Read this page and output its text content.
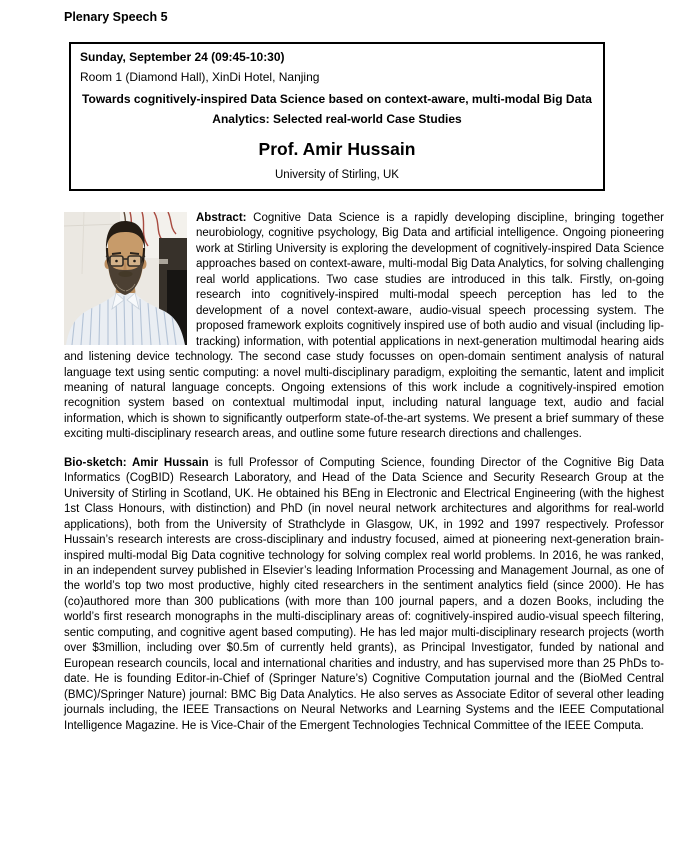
Plenary Speech 5

Sunday, September 24 (09:45-10:30)

Room 1 (Diamond Hall), XinDi Hotel, Nanjing

Towards cognitively-inspired Data Science based on context-aware, multi-modal Big Data
Analytics: Selected real-world Case Studies
Prof. Amir Hussain

University of Stirling, UK

Abstract: Cognitive Data Science is a rapidly developing discipline, bringing together neurobiology, cognitive psychology, Big Data and artificial intelligence. Ongoing pioneering work at Stirling University is exploring the development of cognitively-inspired Data Science approaches based on context-aware, multi-modal Big Data Analytics, for solving challenging real world applications. Two case studies are introduced in this talk. Firstly, on-going research into cognitively-inspired multi-modal speech perception has led to the development of a novel context-aware, audio-visual speech processing system. The proposed framework exploits cognitively inspired use of both audio and visual (including lip-tracking) information, with potential applications in next-generation multimodal hearing aids and listening device technology. The second case study focusses on open-domain sentiment analysis of natural language text using sentic computing: a novel multi-disciplinary paradigm, exploiting the semantic, latent and implicit meaning of natural language concepts. Ongoing extensions of this work include a cognitively-inspired emotion recognition system based on contextual multimodal input, including natural language text, audio and facial information, which is shown to significantly outperform state-of-the-art systems. We present a brief summary of these exciting multi-disciplinary research areas, and outline some future research directions and challenges.

Bio-sketch: Amir Hussain is full Professor of Computing Science, founding Director of the Cognitive Big Data Informatics (CogBID) Research Laboratory, and Head of the Data Science and Security Research Group at the University of Stirling in Scotland, UK. He obtained his BEng in Electronic and Electrical Engineering (with the highest 1st Class Honours, with distinction) and PhD (in novel neural network architectures and algorithms for real-world applications), both from the University of Strathclyde in Glasgow, UK, in 1992 and 1997 respectively. Professor Hussain’s research interests are cross-disciplinary and industry focused, aimed at pioneering next-generation brain-inspired multi-modal Big Data cognitive technology for solving complex real world problems. In 2016, he was ranked, in an independent survey published in Elsevier’s leading Information Processing and Management Journal, as one of the world’s top two most productive, highly cited researchers in the sentiment analytics field (since 2000). He has (co)authored more than 300 publications (with more than 100 journal papers, and a dozen Books, including the world’s first research monographs in the multi-disciplinary areas of: cognitively-inspired audio-visual speech filtering, sentic computing, and cognitive agent based computing). He has led major multi-disciplinary research projects (worth over $3million, including over $0.5m of currently held grants), as Principal Investigator, funded by national and European research councils, local and international charities and industry, and has supervised more than 25 PhDs to-date. He is founding Editor-in-Chief of (Springer Nature’s) Cognitive Computation journal and the (BioMed Central (BMC)/Springer Nature) journal: BMC Big Data Analytics. He also serves as Associate Editor of several other leading journals including, the IEEE Transactions on Neural Networks and Learning Systems and the IEEE Computational Intelligence Magazine. He is Vice-Chair of the Emergent Technologies Technical Committee of the IEEE Computa.
